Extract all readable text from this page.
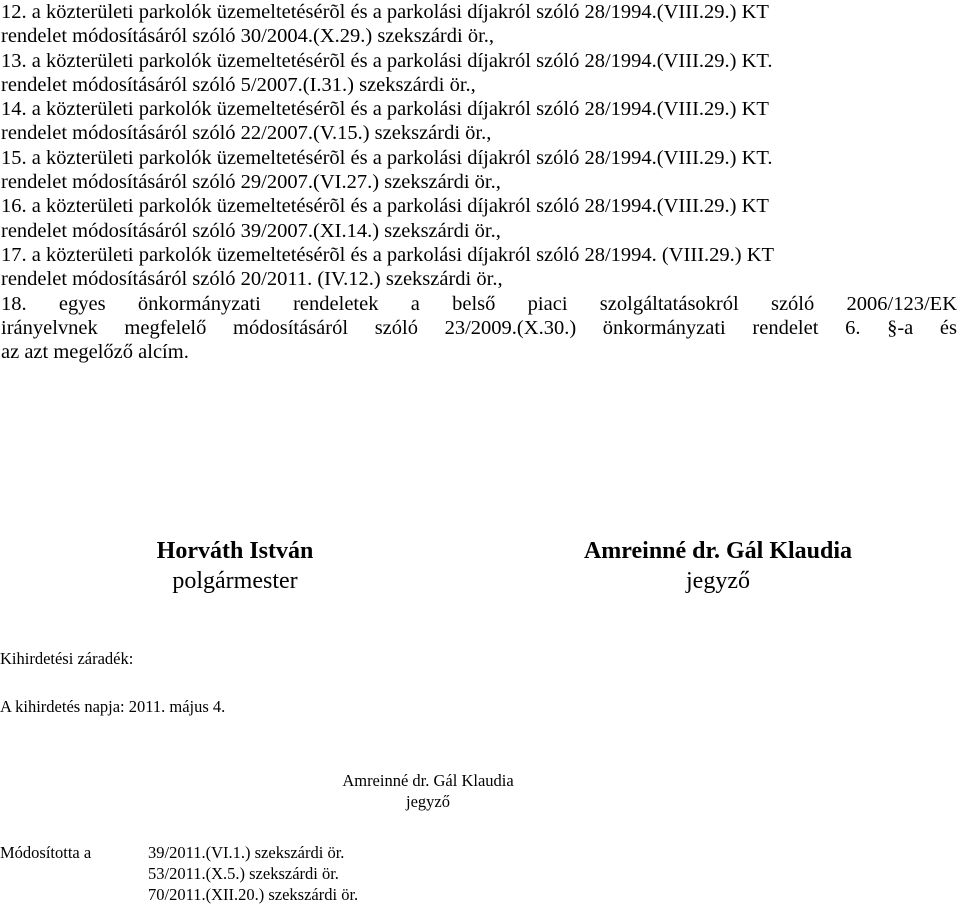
12. a közterületi parkolók üzemeltetésérõl és a parkolási díjakról szóló 28/1994.(VIII.29.) KT
rendelet módosításáról szóló 30/2004.(X.29.) szekszárdi ör.,
13. a közterületi parkolók üzemeltetésérõl és a parkolási díjakról szóló 28/1994.(VIII.29.) KT.
rendelet módosításáról szóló 5/2007.(I.31.) szekszárdi ör.,
14. a közterületi parkolók üzemeltetésérõl és a parkolási díjakról szóló 28/1994.(VIII.29.) KT
rendelet módosításáról szóló 22/2007.(V.15.) szekszárdi ör.,
15. a közterületi parkolók üzemeltetésérõl és a parkolási díjakról szóló 28/1994.(VIII.29.) KT.
rendelet módosításáról szóló 29/2007.(VI.27.) szekszárdi ör.,
16. a közterületi parkolók üzemeltetésérõl és a parkolási díjakról szóló 28/1994.(VIII.29.) KT
rendelet módosításáról szóló 39/2007.(XI.14.) szekszárdi ör.,
17. a közterületi parkolók üzemeltetésérõl és a parkolási díjakról szóló 28/1994. (VIII.29.) KT
rendelet módosításáról szóló 20/2011. (IV.12.) szekszárdi ör.,
18. egyes önkormányzati rendeletek a belső piaci szolgáltatásokról szóló 2006/123/EK
irányelvnek megfelelő módosításáról szóló 23/2009.(X.30.) önkormányzati rendelet 6. §-a és
az azt megelőző alcím.
Horváth István
polgármester
Amreinné dr. Gál Klaudia
jegyző
Kihirdetési záradék:
A kihirdetés napja: 2011. május 4.
Amreinné dr. Gál Klaudia
jegyző
Módosította a	39/2011.(VI.1.) szekszárdi ör.
53/2011.(X.5.) szekszárdi ör.
70/2011.(XII.20.) szekszárdi ör.
